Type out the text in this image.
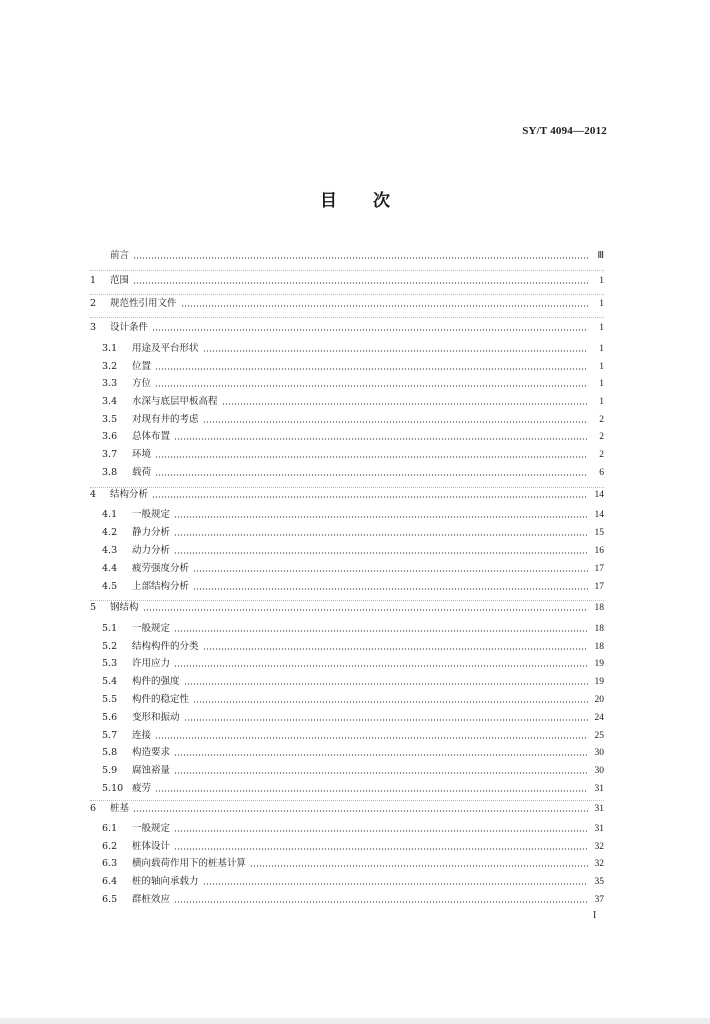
SY/T 4094—2012
目 次
前言	Ⅲ
1	范围	1
2	规范性引用文件	1
3	设计条件	1
3.1	用途及平台形状	1
3.2	位置	1
3.3	方位	1
3.4	水深与底层甲板高程	1
3.5	对现有井的考虑	2
3.6	总体布置	2
3.7	环境	2
3.8	载荷	6
4	结构分析	14
4.1	一般规定	14
4.2	静力分析	15
4.3	动力分析	16
4.4	疲劳强度分析	17
4.5	上部结构分析	17
5	钢结构	18
5.1	一般规定	18
5.2	结构构件的分类	18
5.3	许用应力	19
5.4	构件的强度	19
5.5	构件的稳定性	20
5.6	变形和振动	24
5.7	连接	25
5.8	构造要求	30
5.9	腐蚀裕量	30
5.10 疲劳	31
6	桩基	31
6.1	一般规定	31
6.2	桩体设计	32
6.3	横向载荷作用下的桩基计算	32
6.4	桩的轴向承载力	35
6.5	群桩效应	37
I
